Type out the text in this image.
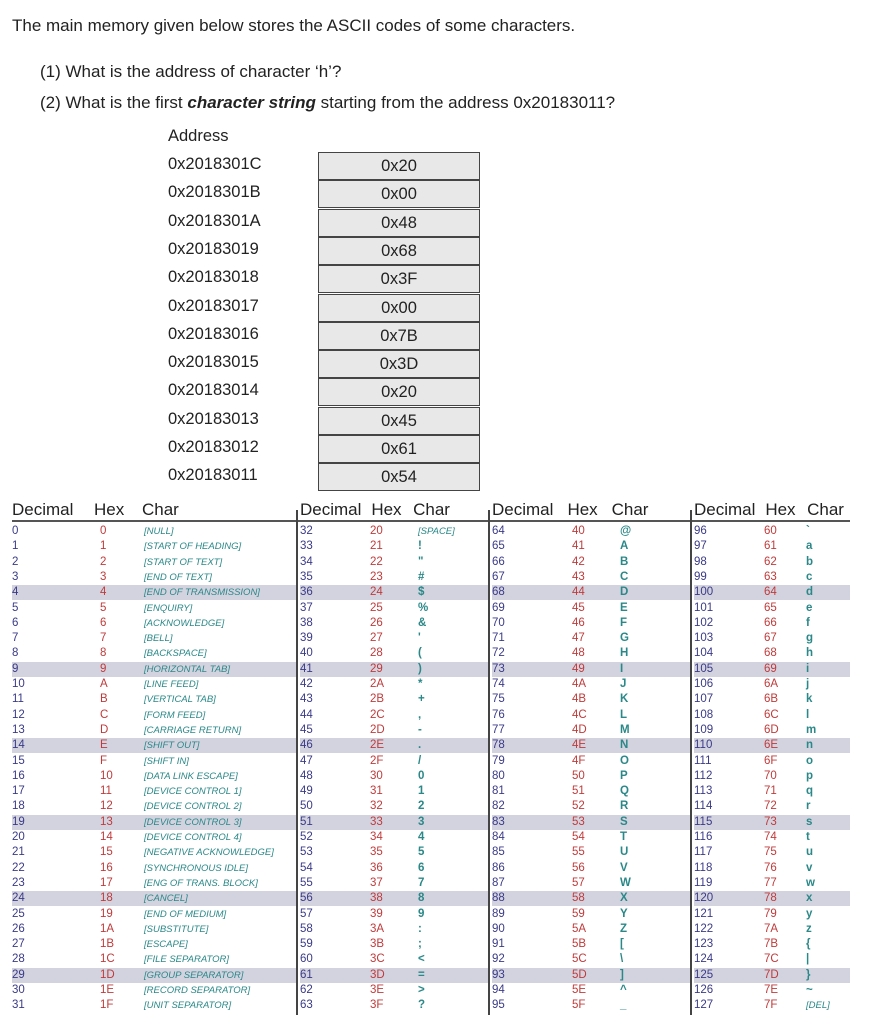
The main memory given below stores the ASCII codes of some characters.
(1) What is the address of character ‘h’?
(2) What is the first character string starting from the address 0x20183011?
Address
0x2018301C	0x20
0x2018301B	0x00
0x2018301A	0x48
0x20183019	0x68
0x20183018	0x3F
0x20183017	0x00
0x20183016	0x7B
0x20183015	0x3D
0x20183014	0x20
0x20183013	0x45
0x20183012	0x61
0x20183011	0x54
Decimal Hex Char
0	0	[NULL]
1	1	[START OF HEADING]
2	2	[START OF TEXT]
3	3	[END OF TEXT]
4	4	[END OF TRANSMISSION]
5	5	[ENQUIRY]
6	6	[ACKNOWLEDGE]
7	7	[BELL]
8	8	[BACKSPACE]
9	9	[HORIZONTAL TAB]
10	A	[LINE FEED]
11	B	[VERTICAL TAB]
12	C	[FORM FEED]
13	D	[CARRIAGE RETURN]
14	E	[SHIFT OUT]
15	F	[SHIFT IN]
16	10	[DATA LINK ESCAPE]
17	11	[DEVICE CONTROL 1]
18	12	[DEVICE CONTROL 2]
19	13	[DEVICE CONTROL 3]
20	14	[DEVICE CONTROL 4]
21	15	[NEGATIVE ACKNOWLEDGE]
22	16	[SYNCHRONOUS IDLE]
23	17	[ENG OF TRANS. BLOCK]
24	18	[CANCEL]
25	19	[END OF MEDIUM]
26	1A	[SUBSTITUTE]
27	1B	[ESCAPE]
28	1C	[FILE SEPARATOR]
29	1D	[GROUP SEPARATOR]
30	1E	[RECORD SEPARATOR]
31	1F	[UNIT SEPARATOR]
Decimal Hex Char
32	20	[SPACE]
33	21	!
34	22	"
35	23	#
36	24	$
37	25	%
38	26	&
39	27	'
40	28	(
41	29	)
42	2A	*
43	2B	+
44	2C	,
45	2D	-
46	2E	.
47	2F	/
48	30	0
49	31	1
50	32	2
51	33	3
52	34	4
53	35	5
54	36	6
55	37	7
56	38	8
57	39	9
58	3A	:
59	3B	;
60	3C	<
61	3D	=
62	3E	>
63	3F	?
Decimal Hex Char
64	40	@
65	41	A
66	42	B
67	43	C
68	44	D
69	45	E
70	46	F
71	47	G
72	48	H
73	49	I
74	4A	J
75	4B	K
76	4C	L
77	4D	M
78	4E	N
79	4F	O
80	50	P
81	51	Q
82	52	R
83	53	S
84	54	T
85	55	U
86	56	V
87	57	W
88	58	X
89	59	Y
90	5A	Z
91	5B	[
92	5C	\
93	5D	]
94	5E	^
95	5F	_
Decimal Hex Char
96	60	`
97	61	a
98	62	b
99	63	c
100	64	d
101	65	e
102	66	f
103	67	g
104	68	h
105	69	i
106	6A j
107	6B k
108	6C l
109	6D m
110	6E n
111	6F o
112	70	p
113	71	q
114	72	r
115	73	s
116	74	t
117	75	u
118	76	v
119	77	w
120	78	x
121	79	y
122	7A z
123	7B {
124	7C |
125	7D }
126	7E ~
127	7F	[DEL]
